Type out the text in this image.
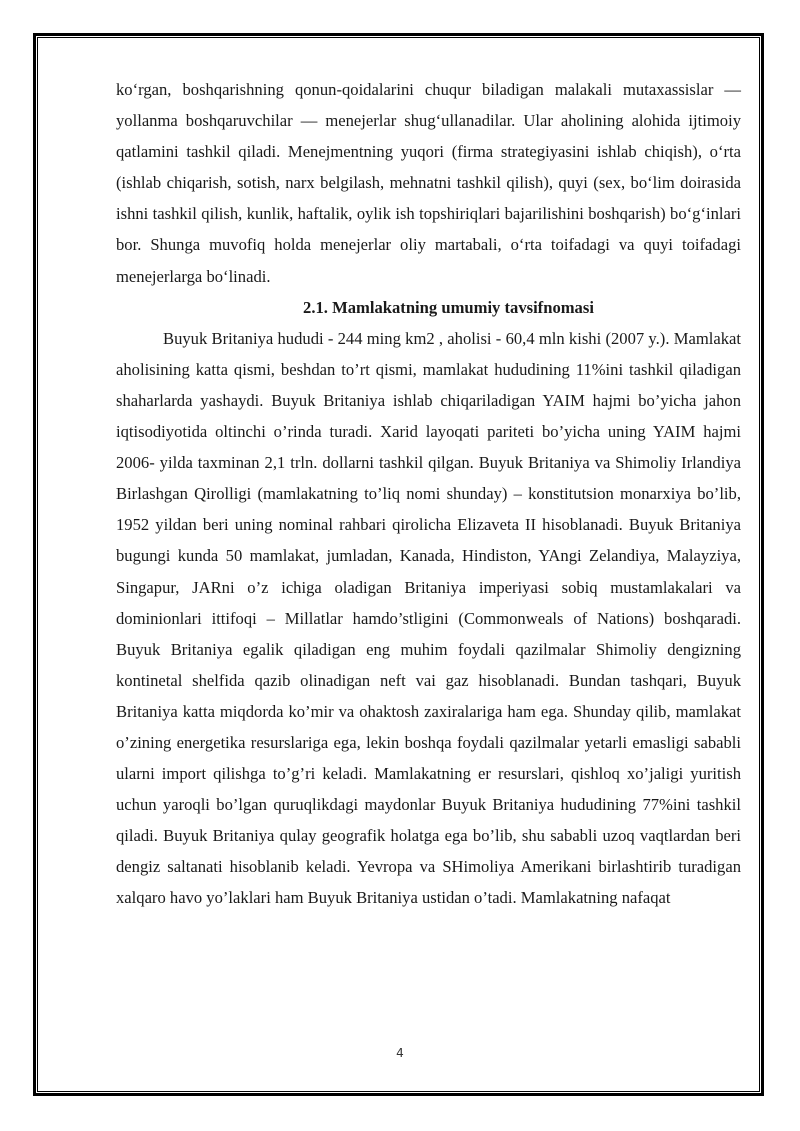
ko‘rgan, boshqarishning qonun-qoidalarini chuqur biladigan malakali mutaxassislar — yollanma boshqaruvchilar — menejerlar shug‘ullanadilar. Ular aholining alohida ijtimoiy qatlamini tashkil qiladi. Menejmentning yuqori (firma strategiyasini ishlab chiqish), o‘rta (ishlab chiqarish, sotish, narx belgilash, mehnatni tashkil qilish), quyi (sex, bo‘lim doirasida ishni tashkil qilish, kunlik, haftalik, oylik ish topshiriqlari bajarilishini boshqarish) bo‘g‘inlari bor. Shunga muvofiq holda menejerlar oliy martabali, o‘rta toifadagi va quyi toifadagi menejerlarga bo‘linadi.

2.1. Mamlakatning umumiy tavsifnomasi

Buyuk Britaniya hududi - 244 ming km2 , aholisi - 60,4 mln kishi (2007 y.). Mamlakat aholisining katta qismi, beshdan to’rt qismi, mamlakat hududining 11%ini tashkil qiladigan shaharlarda yashaydi. Buyuk Britaniya ishlab chiqariladigan YAIM hajmi bo’yicha jahon iqtisodiyotida oltinchi o’rinda turadi. Xarid layoqati pariteti bo’yicha uning YAIM hajmi 2006- yilda taxminan 2,1 trln. dollarni tashkil qilgan. Buyuk Britaniya va Shimoliy Irlandiya Birlashgan Qirolligi (mamlakatning to’liq nomi shunday) – konstitutsion monarxiya bo’lib, 1952 yildan beri uning nominal rahbari qirolicha Elizaveta II hisoblanadi. Buyuk Britaniya bugungi kunda 50 mamlakat, jumladan, Kanada, Hindiston, YAngi Zelandiya, Malayziya, Singapur, JARni o’z ichiga oladigan Britaniya imperiyasi sobiq mustamlakalari va dominionlari ittifoqi – Millatlar hamdo’stligini (Commonweals of Nations) boshqaradi. Buyuk Britaniya egalik qiladigan eng muhim foydali qazilmalar Shimoliy dengizning kontinetal shelfida qazib olinadigan neft vai gaz hisoblanadi. Bundan tashqari, Buyuk Britaniya katta miqdorda ko’mir va ohaktosh zaxiralariga ham ega. Shunday qilib, mamlakat o’zining energetika resurslariga ega, lekin boshqa foydali qazilmalar yetarli emasligi sababli ularni import qilishga to’g’ri keladi. Mamlakatning er resurslari, qishloq xo’jaligi yuritish uchun yaroqli bo’lgan quruqlikdagi maydonlar Buyuk Britaniya hududining 77%ini tashkil qiladi. Buyuk Britaniya qulay geografik holatga ega bo’lib, shu sababli uzoq vaqtlardan beri dengiz saltanati hisoblanib keladi. Yevropa va SHimoliya Amerikani birlashtirib turadigan xalqaro havo yo’laklari ham Buyuk Britaniya ustidan o’tadi. Mamlakatning nafaqat

4
